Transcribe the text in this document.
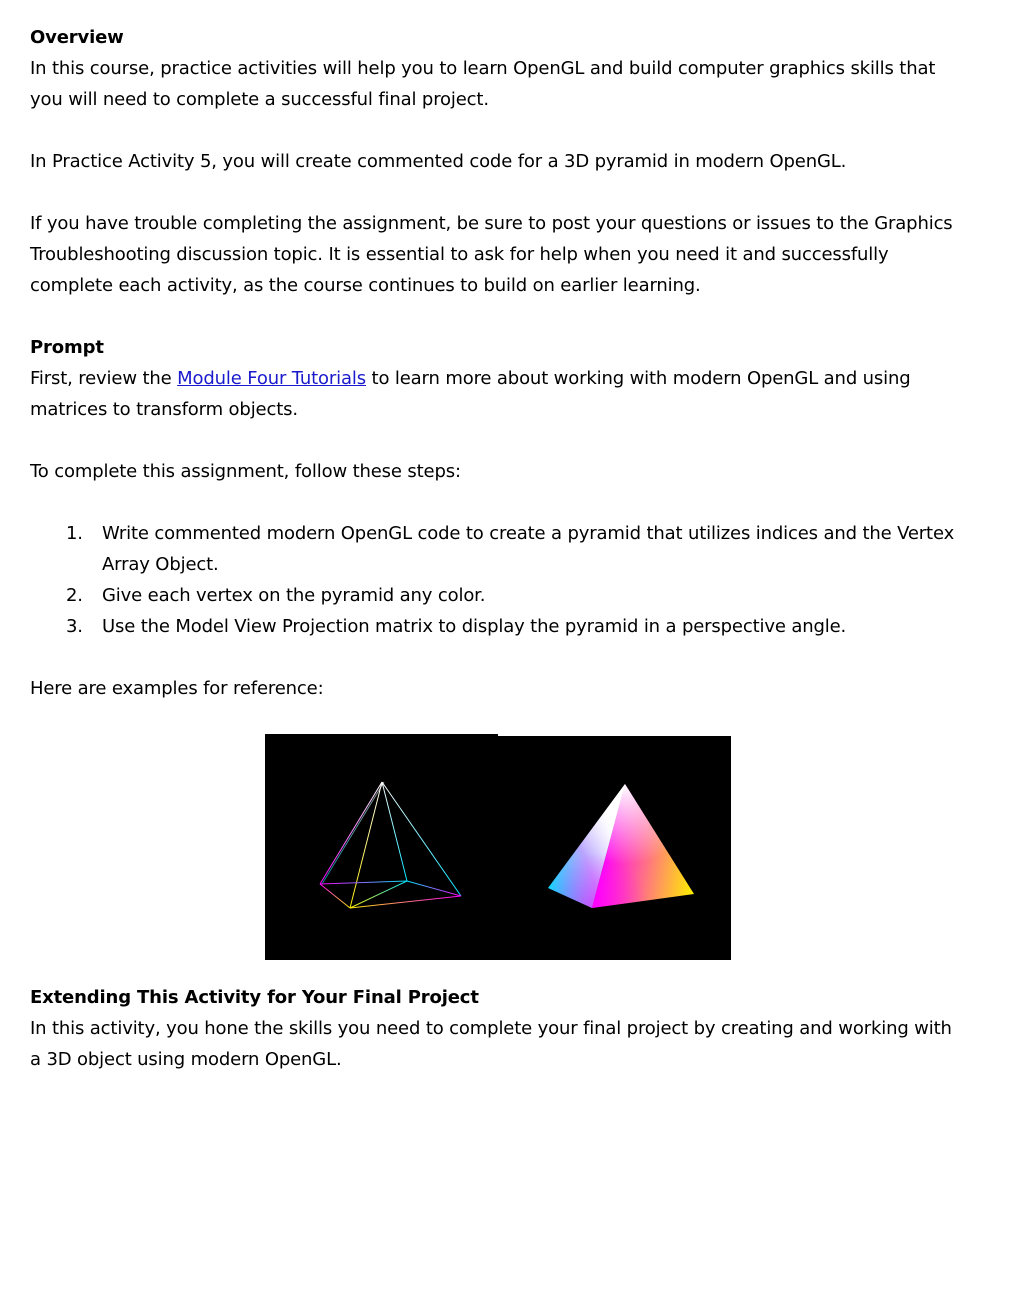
Overview
In this course, practice activities will help you to learn OpenGL and build computer graphics skills that
you will need to complete a successful final project.
In Practice Activity 5, you will create commented code for a 3D pyramid in modern OpenGL.
If you have trouble completing the assignment, be sure to post your questions or issues to the Graphics
Troubleshooting discussion topic. It is essential to ask for help when you need it and successfully
complete each activity, as the course continues to build on earlier learning.
Prompt
First, review the Module Four Tutorials to learn more about working with modern OpenGL and using
matrices to transform objects.
To complete this assignment, follow these steps:
1. Write commented modern OpenGL code to create a pyramid that utilizes indices and the Vertex
Array Object.
2. Give each vertex on the pyramid any color.
3. Use the Model View Projection matrix to display the pyramid in a perspective angle.
Here are examples for reference:
Extending This Activity for Your Final Project
In this activity, you hone the skills you need to complete your final project by creating and working with
a 3D object using modern OpenGL.
